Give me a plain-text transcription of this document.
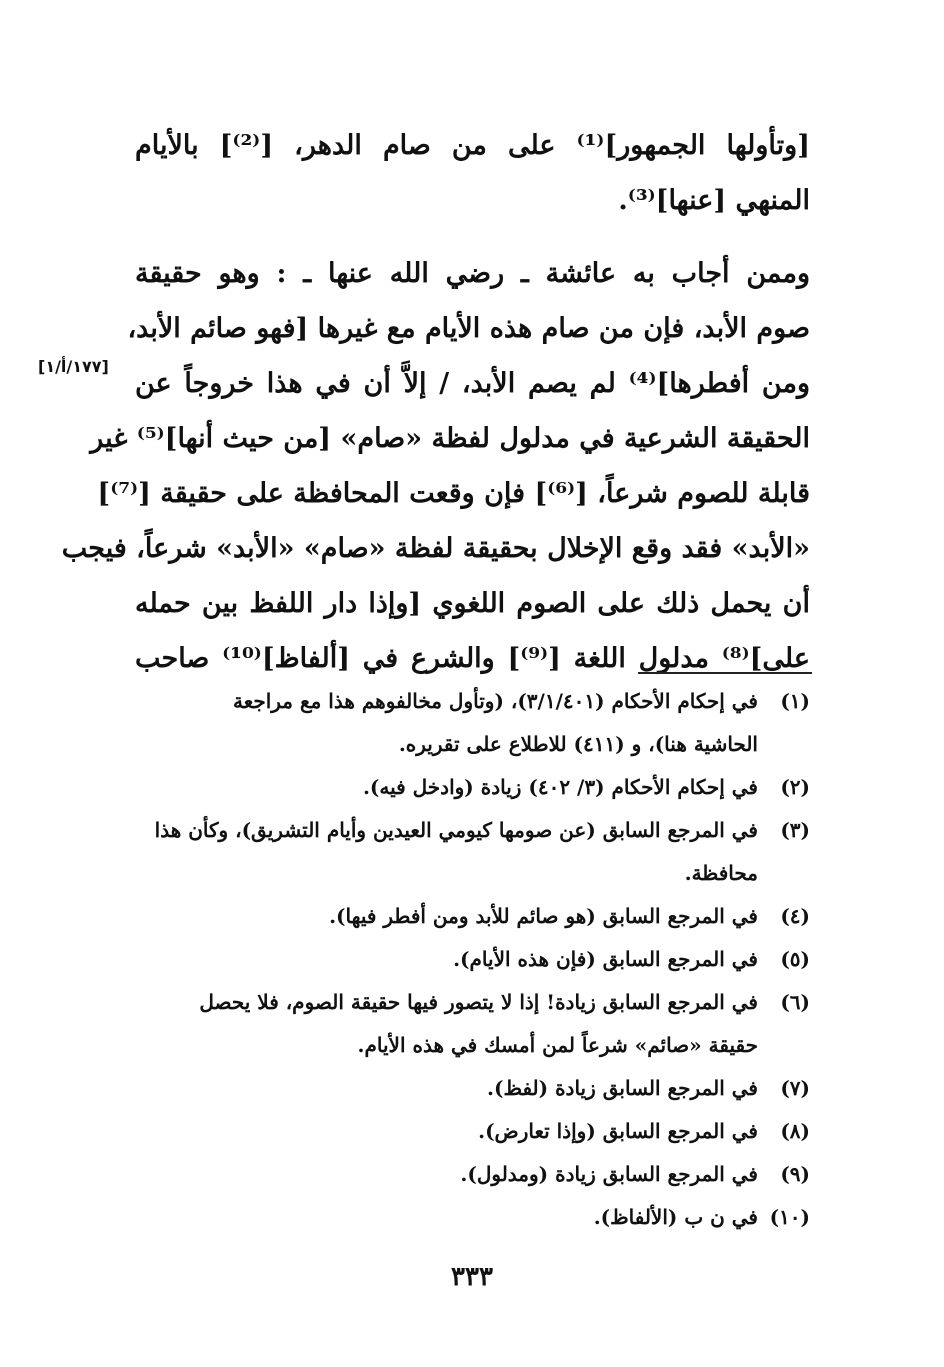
[وتأولها الجمهور]⁽¹⁾ على من صام الدهر، [⁽²⁾] بالأيام
المنهي [عنها]⁽³⁾.
وممن أجاب به عائشة ـ رضي الله عنها ـ : وهو حقيقة
صوم الأبد، فإن من صام هذه الأيام مع غيرها [فهو صائم الأبد،
ومن أفطرها]⁽⁴⁾ لم يصم الأبد، / إلاَّ أن في هذا خروجاً عن
الحقيقة الشرعية في مدلول لفظة «صام» [من حيث أنها]⁽⁵⁾ غير
قابلة للصوم شرعاً، [⁽⁶⁾] فإن وقعت المحافظة على حقيقة [⁽⁷⁾]
«الأبد» فقد وقع الإخلال بحقيقة لفظة «صام» «الأبد» شرعاً، فيجب
أن يحمل ذلك على الصوم اللغوي [وإذا دار اللفظ بين حمله
على]⁽⁸⁾ مدلول اللغة [⁽⁹⁾] والشرع في [ألفاظ]⁽¹⁰⁾ صاحب
[١٧٧/أ/١]
(١)
في إحكام الأحكام (٣/١/٤٠١)، (وتأول مخالفوهم هذا مع مراجعة
الحاشية هنا)، و (٤١١) للاطلاع على تقريره.
(٢)
في إحكام الأحكام (٣/ ٤٠٢) زيادة (وادخل فيه).
(٣)
في المرجع السابق (عن صومها كيومي العيدين وأيام التشريق)، وكأن هذا
محافظة.
(٤)
في المرجع السابق (هو صائم للأبد ومن أفطر فيها).
(٥)
في المرجع السابق (فإن هذه الأيام).
(٦)
في المرجع السابق زيادة! إذا لا يتصور فيها حقيقة الصوم، فلا يحصل
حقيقة «صائم» شرعاً لمن أمسك في هذه الأيام.
(٧)
في المرجع السابق زيادة (لفظ).
(٨)
في المرجع السابق (وإذا تعارض).
(٩)
في المرجع السابق زيادة (ومدلول).
(١٠)
في ن ب (الألفاظ).
٣٣٣
